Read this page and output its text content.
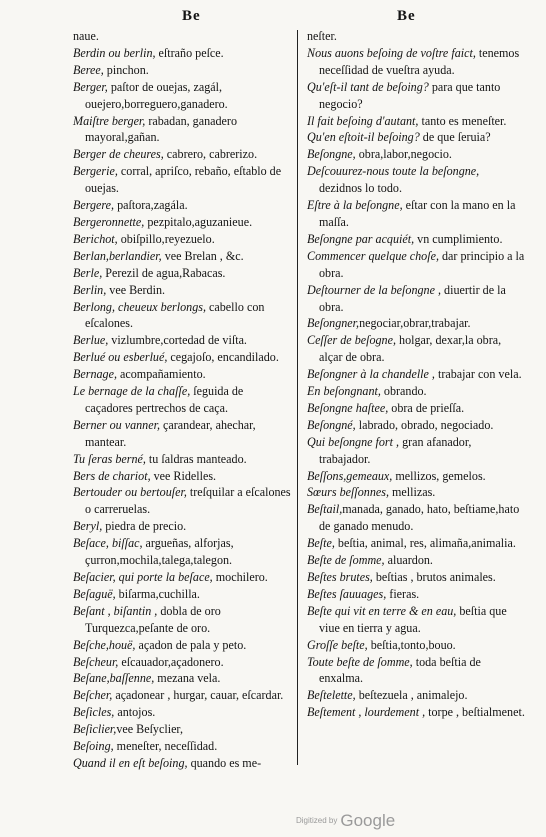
Be	Be

naue.

Berdin ou berlin, eſtraño peſce.

Beree, pinchon.

Berger, paſtor de ouejas, zagál, ouejero,borreguero,ganadero.

Maiſtre berger, rabadan, ganadero mayoral,gañan.

Berger de cheures, cabrero, cabrerizo.

Bergerie, corral, apriſco, rebaño, eſtablo de ouejas.

Bergere, paſtora,zagála.

Bergeronnette, pezpitalo,aguzanieue.

Berichot, obiſpillo,reyezuelo.

Berlan,berlandier, vee Brelan , &c.

Berle, Perezil de agua,Rabacas.

Berlin, vee Berdin.

Berlong, cheueux berlongs, cabello con eſcalones.

Berlue, vizlumbre,cortedad de viſta.

Berlué ou esberlué, cegajoſo, encandilado.

Bernage, acompañamiento.

Le bernage de la chaſſe, ſeguida de caçadores pertrechos de caça.

Berner ou vanner, çarandear, ahechar, mantear.

Tu ſeras berné, tu ſaldras manteado.

Bers de chariot, vee Ridelles.

Bertouder ou bertouſer, treſquilar a eſcalones o carreruelas.

Beryl, piedra de precio.

Beſace, biſſac, argueñas, alforjas, çurron,mochila,talega,talegon.

Beſacier, qui porte la beſace, mochilero.

Beſaguë, biſarma,cuchilla.

Beſant , biſantin , dobla de oro Turquezca,peſante de oro.

Beſche,houë, açadon de pala y peto.

Beſcheur, eſcauador,açadonero.

Beſane,baſſenne, mezana vela.

Beſcher, açadonear , hurgar, cauar, eſcardar.

Beſicles, antojos.

Beſiclier,vee Beſyclier,

Beſoing, meneſter, neceſſidad.

Quand il en eſt beſoing, quando es me-

neſter.

Nous auons beſoing de voſtre faict, tenemos neceſſidad de vueſtra ayuda.

Qu'eſt-il tant de beſoing? para que tanto negocio?

Il fait beſoing d'autant, tanto es meneſter.

Qu'en eſtoit-il beſoing? de que ſeruia?

Beſongne, obra,labor,negocio.

Deſcouurez-nous toute la beſongne, dezidnos lo todo.

Eſtre à la beſongne, eſtar con la mano en la maſſa.

Beſongne par acquiét, vn cumplimiento.

Commencer quelque choſe, dar principio a la obra.

Deſtourner de la beſongne , diuertir de la obra.

Beſongner,negociar,obrar,trabajar.

Ceſſer de beſogne, holgar, dexar,la obra, alçar de obra.

Beſongner à la chandelle , trabajar con vela.

En beſongnant, obrando.

Beſongne haſtee, obra de prieſſa.

Beſongné, labrado, obrado, negociado.

Qui beſongne fort , gran afanador, trabajador.

Beſſons,gemeaux, mellizos, gemelos.

Sœurs beſſonnes, mellizas.

Beſtail,manada, ganado, hato, beſtiame,hato de ganado menudo.

Beſte, beſtia, animal, res, alimaña,animalia.

Beſte de ſomme, aluardon.

Beſtes brutes, beſtias , brutos animales.

Beſtes ſauuages, fieras.

Beſte qui vit en terre & en eau, beſtia que viue en tierra y agua.

Groſſe beſte, beſtia,tonto,bouo.

Toute beſte de ſomme, toda beſtia de enxalma.

Beſtelette, beſtezuela , animalejo.

Beſtement , lourdement , torpe , beſtialmenet.

Digitized by Google
